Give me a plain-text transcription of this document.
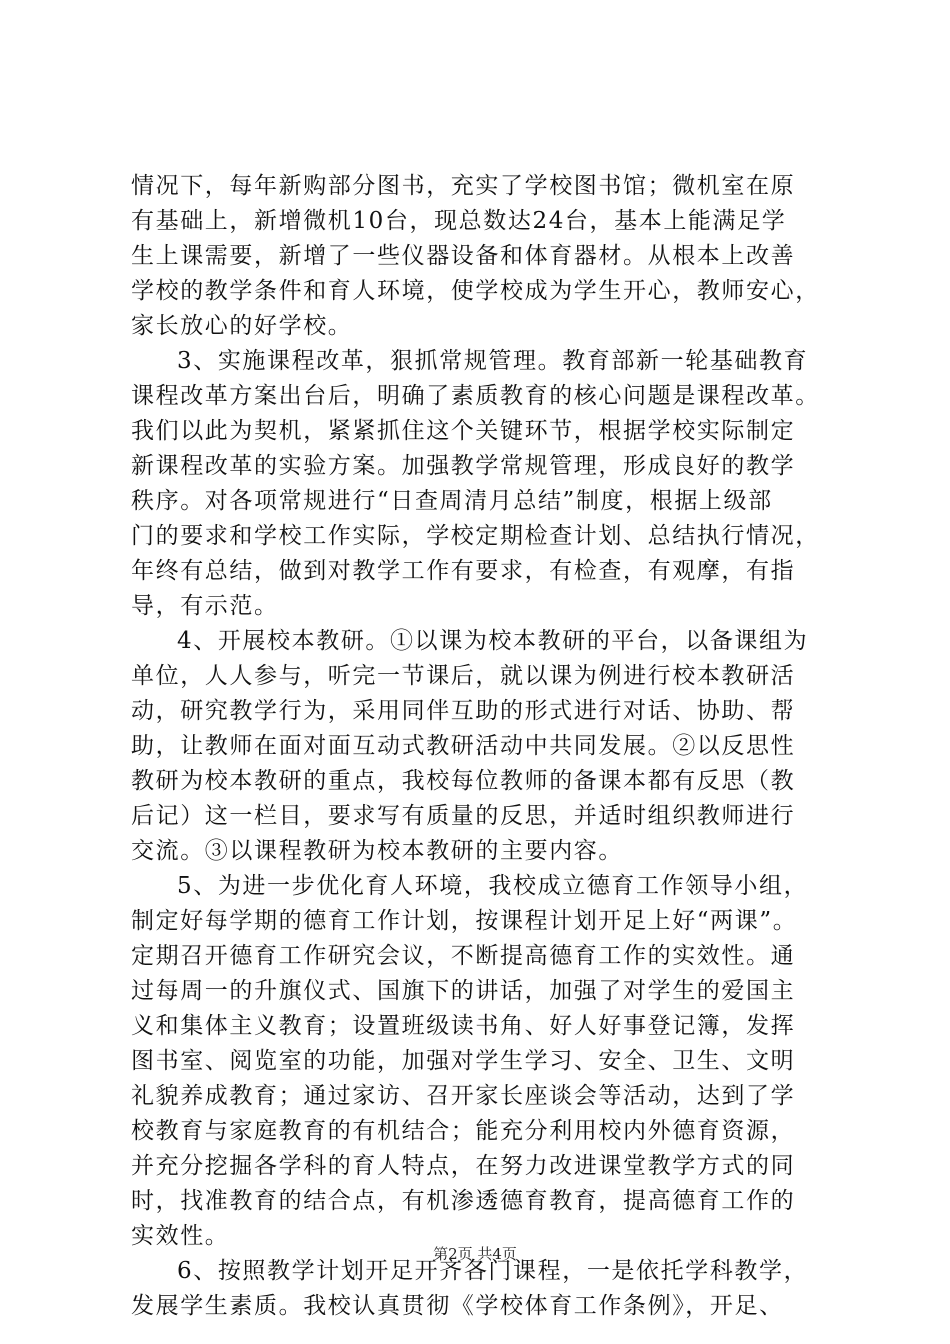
情况下，每年新购部分图书，充实了学校图书馆；微机室在原
有基础上，新增微机10台，现总数达24台，基本上能满足学
生上课需要，新增了一些仪器设备和体育器材。从根本上改善
学校的教学条件和育人环境，使学校成为学生开心，教师安心，
家长放心的好学校。
3、实施课程改革，狠抓常规管理。教育部新一轮基础教育
课程改革方案出台后，明确了素质教育的核心问题是课程改革。
我们以此为契机，紧紧抓住这个关键环节，根据学校实际制定
新课程改革的实验方案。加强教学常规管理，形成良好的教学
秩序。对各项常规进行“日查周清月总结”制度，根据上级部
门的要求和学校工作实际，学校定期检查计划、总结执行情况，
年终有总结，做到对教学工作有要求，有检查，有观摩，有指
导，有示范。
4、开展校本教研。①以课为校本教研的平台，以备课组为
单位，人人参与，听完一节课后，就以课为例进行校本教研活
动，研究教学行为，采用同伴互助的形式进行对话、协助、帮
助，让教师在面对面互动式教研活动中共同发展。②以反思性
教研为校本教研的重点，我校每位教师的备课本都有反思（教
后记）这一栏目，要求写有质量的反思，并适时组织教师进行
交流。③以课程教研为校本教研的主要内容。
5、为进一步优化育人环境，我校成立德育工作领导小组，
制定好每学期的德育工作计划，按课程计划开足上好“两课”。
定期召开德育工作研究会议，不断提高德育工作的实效性。通
过每周一的升旗仪式、国旗下的讲话，加强了对学生的爱国主
义和集体主义教育；设置班级读书角、好人好事登记簿，发挥
图书室、阅览室的功能，加强对学生学习、安全、卫生、文明
礼貌养成教育；通过家访、召开家长座谈会等活动，达到了学
校教育与家庭教育的有机结合；能充分利用校内外德育资源，
并充分挖掘各学科的育人特点，在努力改进课堂教学方式的同
时，找准教育的结合点，有机渗透德育教育，提高德育工作的
实效性。
6、按照教学计划开足开齐各门课程，一是依托学科教学，
发展学生素质。我校认真贯彻《学校体育工作条例》，开足、
第2页 共4页
